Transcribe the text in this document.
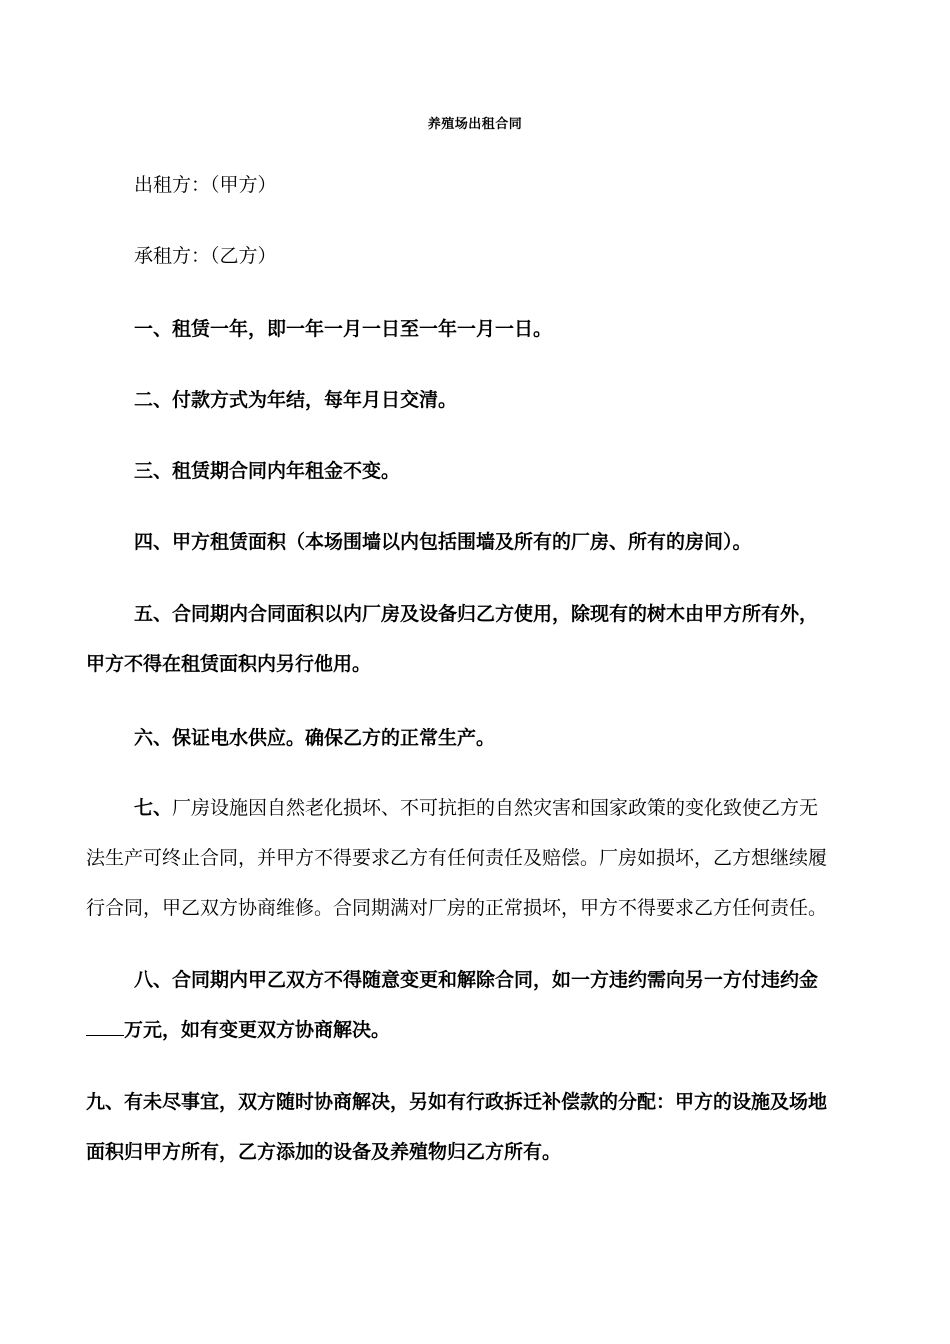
养殖场出租合同

出租方：（甲方）

承租方：（乙方）

一、租赁一年，即一年一月一日至一年一月一日。

二、付款方式为年结，每年月日交清。

三、租赁期合同内年租金不变。

四、甲方租赁面积（本场围墙以内包括围墙及所有的厂房、所有的房间）。

五、合同期内合同面积以内厂房及设备归乙方使用，除现有的树木由甲方所有外，
甲方不得在租赁面积内另行他用。

六、保证电水供应。确保乙方的正常生产。

七、厂房设施因自然老化损坏、不可抗拒的自然灾害和国家政策的变化致使乙方无
法生产可终止合同，并甲方不得要求乙方有任何责任及赔偿。厂房如损坏，乙方想继续履
行合同，甲乙双方协商维修。合同期满对厂房的正常损坏，甲方不得要求乙方任何责任。
八、合同期内甲乙双方不得随意变更和解除合同，如一方违约需向另一方付违约金
万元，如有变更双方协商解决。
九、有未尽事宜，双方随时协商解决，另如有行政拆迁补偿款的分配：甲方的设施及场地
面积归甲方所有，乙方添加的设备及养殖物归乙方所有。
